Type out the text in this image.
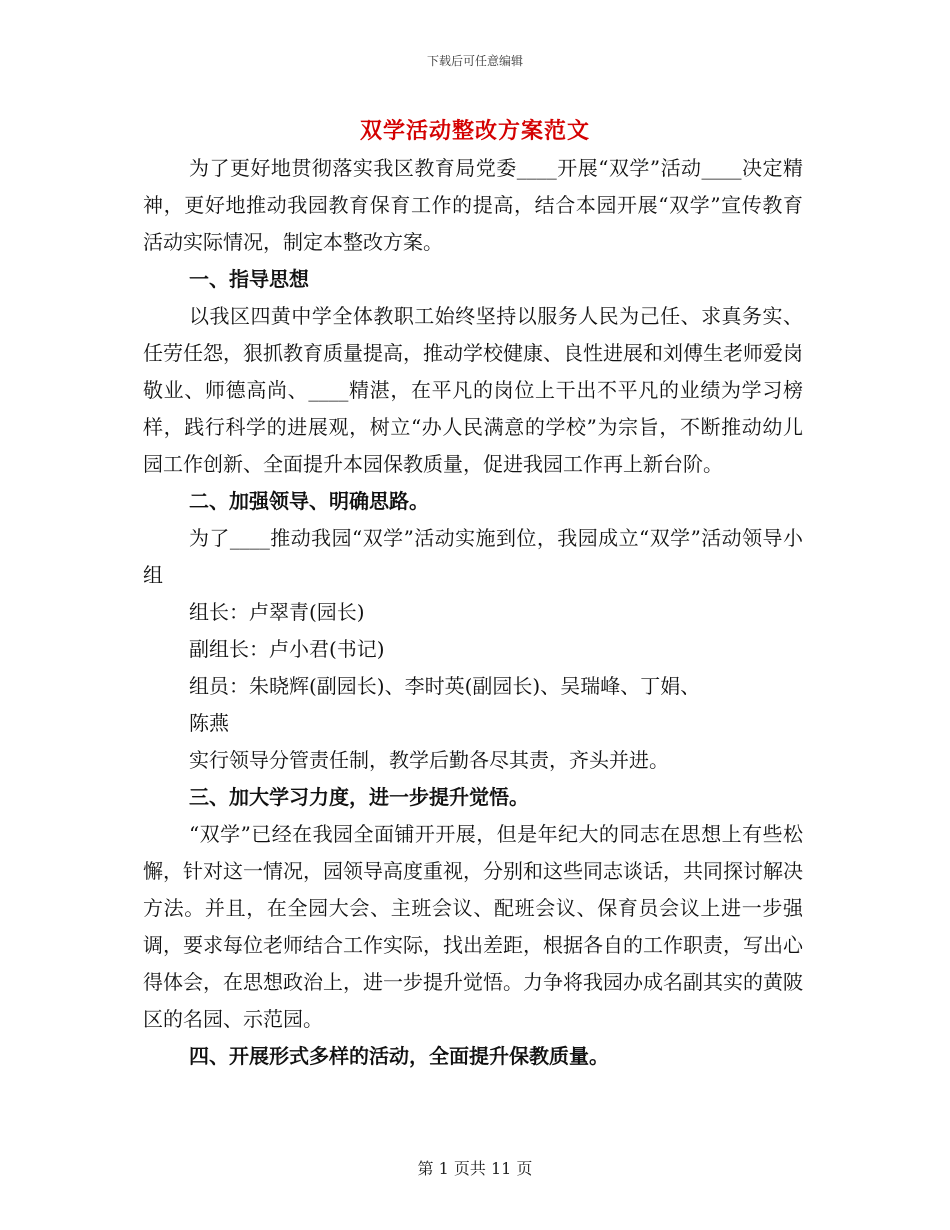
下载后可任意编辑
双学活动整改方案范文

为了更好地贯彻落实我区教育局党委____开展“双学”活动____决定精神，更好地推动我园教育保育工作的提高，结合本园开展“双学”宣传教育活动实际情况，制定本整改方案。

一、指导思想

以我区四黄中学全体教职工始终坚持以服务人民为己任、求真务实、任劳任怨，狠抓教育质量提高，推动学校健康、良性进展和刘傅生老师爱岗敬业、师德高尚、____精湛，在平凡的岗位上干出不平凡的业绩为学习榜样，践行科学的进展观，树立“办人民满意的学校”为宗旨，不断推动幼儿园工作创新、全面提升本园保教质量，促进我园工作再上新台阶。

二、加强领导、明确思路。

为了____推动我园“双学”活动实施到位，我园成立“双学”活动领导小组

组长：卢翠青(园长)

副组长：卢小君(书记)

组员：朱晓辉(副园长)、李时英(副园长)、吴瑞峰、丁娟、

陈燕

实行领导分管责任制，教学后勤各尽其责，齐头并进。

三、加大学习力度，进一步提升觉悟。

“双学”已经在我园全面铺开开展，但是年纪大的同志在思想上有些松懈，针对这一情况，园领导高度重视，分别和这些同志谈话，共同探讨解决方法。并且，在全园大会、主班会议、配班会议、保育员会议上进一步强调，要求每位老师结合工作实际，找出差距，根据各自的工作职责，写出心得体会，在思想政治上，进一步提升觉悟。力争将我园办成名副其实的黄陂区的名园、示范园。

四、开展形式多样的活动，全面提升保教质量。

第 1 页共 11 页
